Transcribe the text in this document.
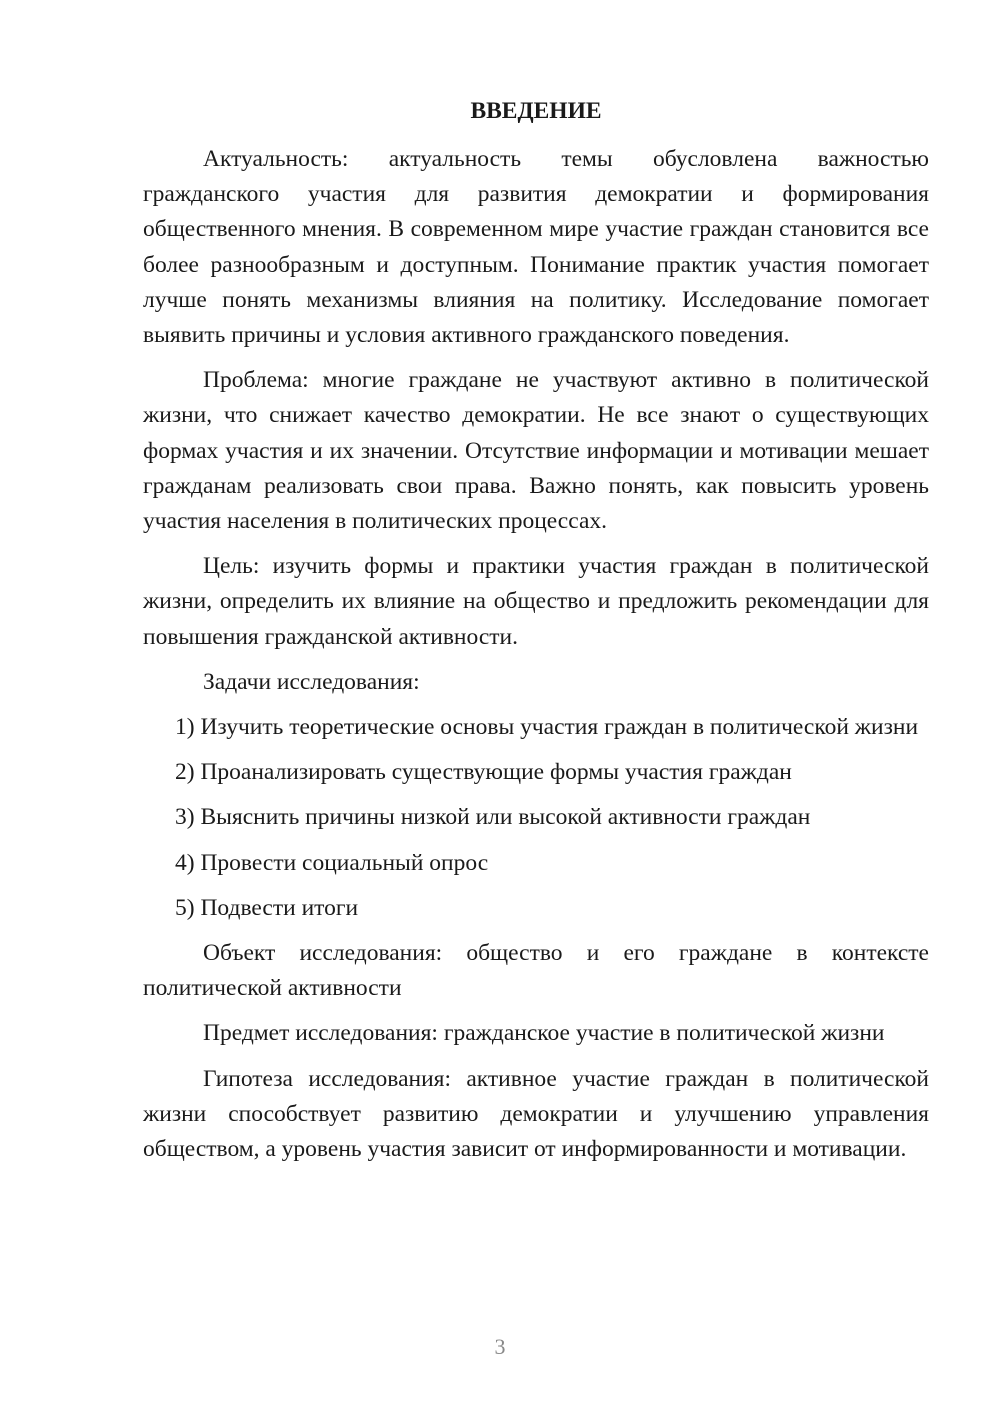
ВВЕДЕНИЕ

Актуальность: актуальность темы обусловлена важностью гражданского участия для развития демократии и формирования общественного мнения. В современном мире участие граждан становится все более разнообразным и доступным. Понимание практик участия помогает лучше понять механизмы влияния на политику. Исследование помогает выявить причины и условия активного гражданского поведения.

Проблема: многие граждане не участвуют активно в политической жизни, что снижает качество демократии. Не все знают о существующих формах участия и их значении. Отсутствие информации и мотивации мешает гражданам реализовать свои права. Важно понять, как повысить уровень участия населения в политических процессах.

Цель: изучить формы и практики участия граждан в политической жизни, определить их влияние на общество и предложить рекомендации для повышения гражданской активности.

Задачи исследования:

1) Изучить теоретические основы участия граждан в политической жизни

2) Проанализировать существующие формы участия граждан

3) Выяснить причины низкой или высокой активности граждан

4) Провести социальный опрос

5) Подвести итоги

Объект исследования: общество и его граждане в контексте политической активности

Предмет исследования: гражданское участие в политической жизни

Гипотеза исследования: активное участие граждан в политической жизни способствует развитию демократии и улучшению управления обществом, а уровень участия зависит от информированности и мотивации.

3
